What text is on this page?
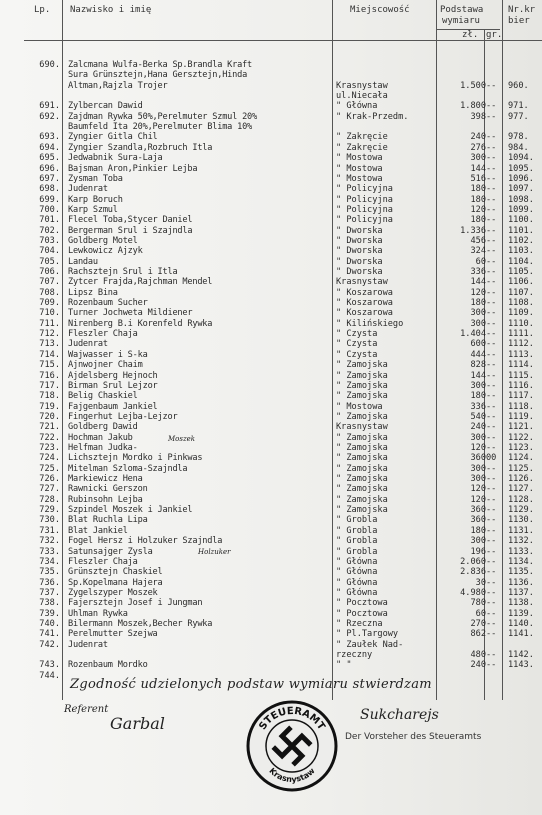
Lp. Nazwisko i imię	Miejscowość	Podstawa
wymiaru
zł. gr.
Nr.kr
bier
690. Zalcmana Wulfa-Berka Sp.Brandla Kraft
Sura Grünsztejn,Hana Gersztejn,Hinda
Altman,Rajzla Trojer	Krasnystaw	1.500 --	960.
ul.Niecała
691. Zylbercan Dawid	" Główna	1.800 --	971.
692. Zajdman Rywka 50%,Perelmuter Szmul 20%	" Krak-Przedm.	398 --	977.
Baumfeld Ita 20%,Perelmuter Blima 10%
693. Zyngier Gitla Chil	" Zakręcie	240 --	978.
694. Zyngier Szandla,Rozbruch Itla	" Zakręcie	276 --	984.
695. Jedwabnik Sura-Laja	" Mostowa	300 --	1094.
696. Bajsman Aron,Pinkier Lejba	" Mostowa	144 --	1095.
697. Zysman Toba	" Mostowa	516 --	1096.
698. Judenrat	" Policyjna	180 --	1097.
699. Karp Boruch	" Policyjna	180 --	1098.
700. Karp Szmul	" Policyjna	120 --	1099.
701. Flecel Toba,Stycer Daniel	" Policyjna	180 --	1100.
702. Bergerman Srul i Szajndla	" Dworska	1.336 --	1101.
703. Goldberg Motel	" Dworska	456 --	1102.
704. Lewkowicz Ajzyk	" Dworska	324 --	1103.
705. Landau	" Dworska	60 --	1104.
706. Rachsztejn Srul i Itla	" Dworska	336 --	1105.
707. Zytcer Frajda,Rajchman Mendel	Krasnystaw	144 --	1106.
708. Lipsz Bina	" Koszarowa	120 --	1107.
709. Rozenbaum Sucher	" Koszarowa	180 --	1108.
710. Turner Jochweta Mildiener	" Koszarowa	300 --	1109.
711. Nirenberg B.i Korenfeld Rywka	" Kilińskiego	300 --	1110.
712. Fleszler Chaja	" Czysta	1.404 --	1111.
713. Judenrat	" Czysta	600 --	1112.
714. Wajwasser i S-ka	" Czysta	444 --	1113.
715. Ajnwojner Chaim	" Zamojska	828 --	1114.
716. Ajdelsberg Hejnoch	" Zamojska	144 --	1115.
717. Birman Srul Lejzor	" Zamojska	300 --	1116.
718. Belig Chaskiel	" Zamojska	180 --	1117.
719. Fajgenbaum Jankiel	" Mostowa	336 --	1118.
720. Fingerhut Lejba-Lejzor	" Zamojska	540 --	1119.
721. Goldberg Dawid	Krasnystaw	240 --	1121.
722. Hochman Jakub	" Zamojska	300 --	1122.
723. Helfman Judka-	" Zamojska	120 --	1123.
724. Lichsztejn Mordko i Pinkwas	" Zamojska	360 00	1124.
725. Mitelman Szloma-Szajndla	" Zamojska	300 --	1125.
726. Markiewicz Hena	" Zamojska	300 --	1126.
727. Rawnicki Gerszon	" Zamojska	120 --	1127.
728. Rubinsohn Lejba	" Zamojska	120 --	1128.
729. Szpindel Moszek i Jankiel	" Zamojska	360 --	1129.
730. Blat Ruchla Lipa	" Grobla	360 --	1130.
731. Blat Jankiel	" Grobla	180 --	1131.
732. Fogel Hersz i Holzuker Szajndla	" Grobla	300 --	1132.
733. Satunsajger Zysla	" Grobla	196 --	1133.
734. Fleszler Chaja	" Główna	2.060 --	1134.
735. Grünsztejn Chaskiel	" Główna	2.836 --	1135.
736. Sp.Kopelmana Hajera	" Główna	30 --	1136.
737. Zygelszyper Moszek	" Główna	4.980 --	1137.
738. Fajersztejn Josef i Jungman	" Pocztowa	780 --	1138.
739. Uhlman Rywka	" Pocztowa	60 --	1139.
740. Bilermann Moszek,Becher Rywka	" Rzeczna	270 --	1140.
741. Perelmutter Szejwa	" Pl.Targowy	862 --	1141.
742. Judenrat	" Zaułek Nad-
rzeczny	480 --	1142.
743. Rozenbaum Mordko	" "	240 --	1143.
744.
Moszek
Holzuker
Zgodność udzielonych podstaw wymiaru stwierdzam
Referent
Garbal	Sukcharejs
Der Vorsteher des Steueramts
STEUERAMT
Krasnystaw
